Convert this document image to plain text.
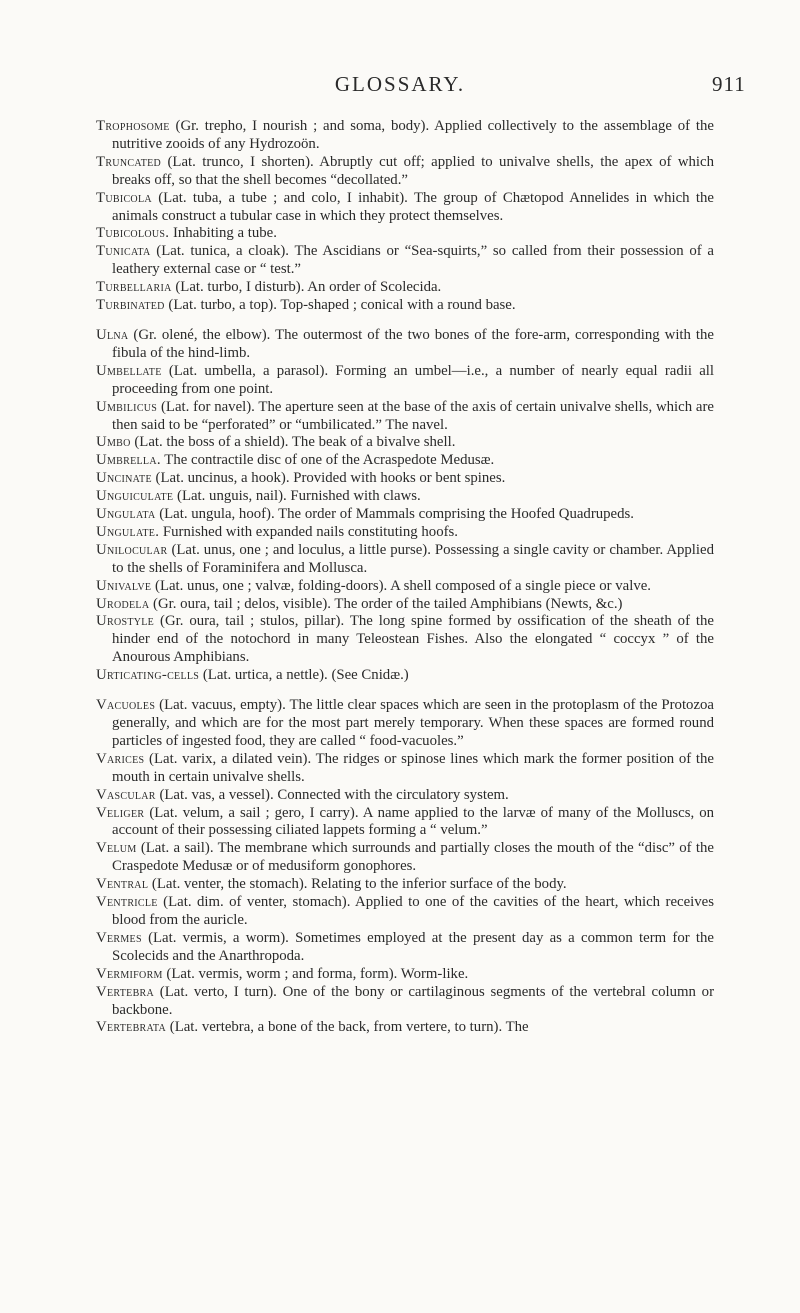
GLOSSARY.	911

Trophosome (Gr. trepho, I nourish ; and soma, body). Applied collectively to the assemblage of the nutritive zooids of any Hydrozoön.

Truncated (Lat. trunco, I shorten). Abruptly cut off; applied to univalve shells, the apex of which breaks off, so that the shell becomes “decollated.”

Tubicola (Lat. tuba, a tube ; and colo, I inhabit). The group of Chætopod Annelides in which the animals construct a tubular case in which they protect themselves.

Tubicolous. Inhabiting a tube.

Tunicata (Lat. tunica, a cloak). The Ascidians or “Sea-squirts,” so called from their possession of a leathery external case or “ test.”

Turbellaria (Lat. turbo, I disturb). An order of Scolecida.

Turbinated (Lat. turbo, a top). Top-shaped ; conical with a round base.

Ulna (Gr. olené, the elbow). The outermost of the two bones of the fore-arm, corresponding with the fibula of the hind-limb.

Umbellate (Lat. umbella, a parasol). Forming an umbel—i.e., a number of nearly equal radii all proceeding from one point.

Umbilicus (Lat. for navel). The aperture seen at the base of the axis of certain univalve shells, which are then said to be “perforated” or “umbilicated.” The navel.

Umbo (Lat. the boss of a shield). The beak of a bivalve shell.

Umbrella. The contractile disc of one of the Acraspedote Medusæ.

Uncinate (Lat. uncinus, a hook). Provided with hooks or bent spines.

Unguiculate (Lat. unguis, nail). Furnished with claws.

Ungulata (Lat. ungula, hoof). The order of Mammals comprising the Hoofed Quadrupeds.

Ungulate. Furnished with expanded nails constituting hoofs.

Unilocular (Lat. unus, one ; and loculus, a little purse). Possessing a single cavity or chamber. Applied to the shells of Foraminifera and Mollusca.

Univalve (Lat. unus, one ; valvæ, folding-doors). A shell composed of a single piece or valve.

Urodela (Gr. oura, tail ; delos, visible). The order of the tailed Amphibians (Newts, &c.)

Urostyle (Gr. oura, tail ; stulos, pillar). The long spine formed by ossification of the sheath of the hinder end of the notochord in many Teleostean Fishes. Also the elongated “ coccyx ” of the Anourous Amphibians.

Urticating-cells (Lat. urtica, a nettle). (See Cnidæ.)

Vacuoles (Lat. vacuus, empty). The little clear spaces which are seen in the protoplasm of the Protozoa generally, and which are for the most part merely temporary. When these spaces are formed round particles of ingested food, they are called “ food-vacuoles.”

Varices (Lat. varix, a dilated vein). The ridges or spinose lines which mark the former position of the mouth in certain univalve shells.

Vascular (Lat. vas, a vessel). Connected with the circulatory system.

Veliger (Lat. velum, a sail ; gero, I carry). A name applied to the larvæ of many of the Molluscs, on account of their possessing ciliated lappets forming a “ velum.”

Velum (Lat. a sail). The membrane which surrounds and partially closes the mouth of the “disc” of the Craspedote Medusæ or of medusiform gonophores.

Ventral (Lat. venter, the stomach). Relating to the inferior surface of the body.

Ventricle (Lat. dim. of venter, stomach). Applied to one of the cavities of the heart, which receives blood from the auricle.

Vermes (Lat. vermis, a worm). Sometimes employed at the present day as a common term for the Scolecids and the Anarthropoda.

Vermiform (Lat. vermis, worm ; and forma, form). Worm-like.

Vertebra (Lat. verto, I turn). One of the bony or cartilaginous segments of the vertebral column or backbone.

Vertebrata (Lat. vertebra, a bone of the back, from vertere, to turn). The
